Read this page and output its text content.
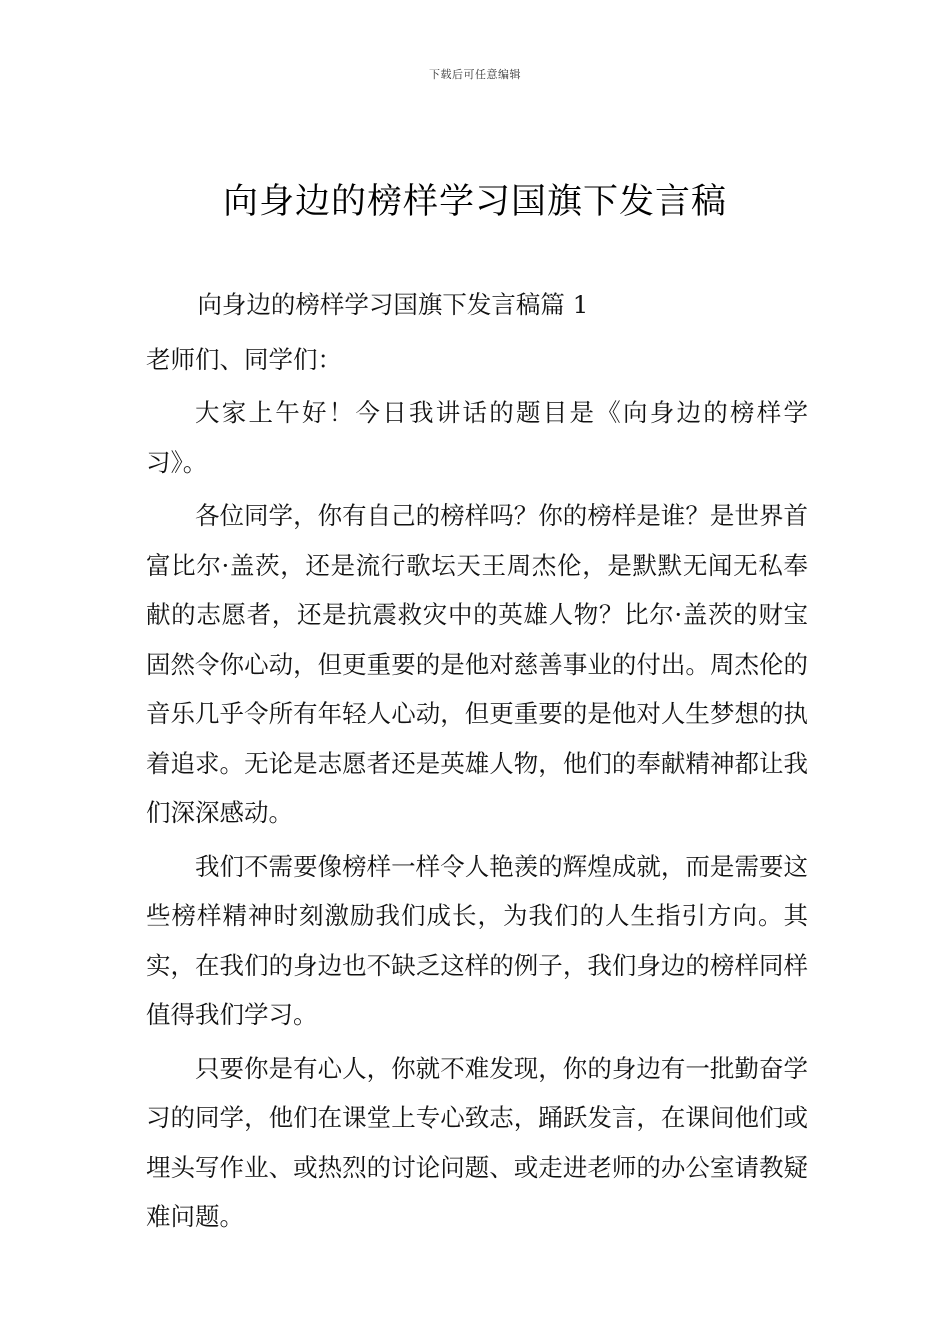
下载后可任意编辑
向身边的榜样学习国旗下发言稿

向身边的榜样学习国旗下发言稿篇 1

老师们、同学们：

大家上午好！今日我讲话的题目是《向身边的榜样学习》。

各位同学，你有自己的榜样吗？你的榜样是谁？是世界首富比尔·盖茨，还是流行歌坛天王周杰伦，是默默无闻无私奉献的志愿者，还是抗震救灾中的英雄人物？比尔·盖茨的财宝固然令你心动，但更重要的是他对慈善事业的付出。周杰伦的音乐几乎令所有年轻人心动，但更重要的是他对人生梦想的执着追求。无论是志愿者还是英雄人物，他们的奉献精神都让我们深深感动。

我们不需要像榜样一样令人艳羡的辉煌成就，而是需要这些榜样精神时刻激励我们成长，为我们的人生指引方向。其实，在我们的身边也不缺乏这样的例子，我们身边的榜样同样值得我们学习。

只要你是有心人，你就不难发现，你的身边有一批勤奋学习的同学，他们在课堂上专心致志，踊跃发言，在课间他们或埋头写作业、或热烈的讨论问题、或走进老师的办公室请教疑难问题。
